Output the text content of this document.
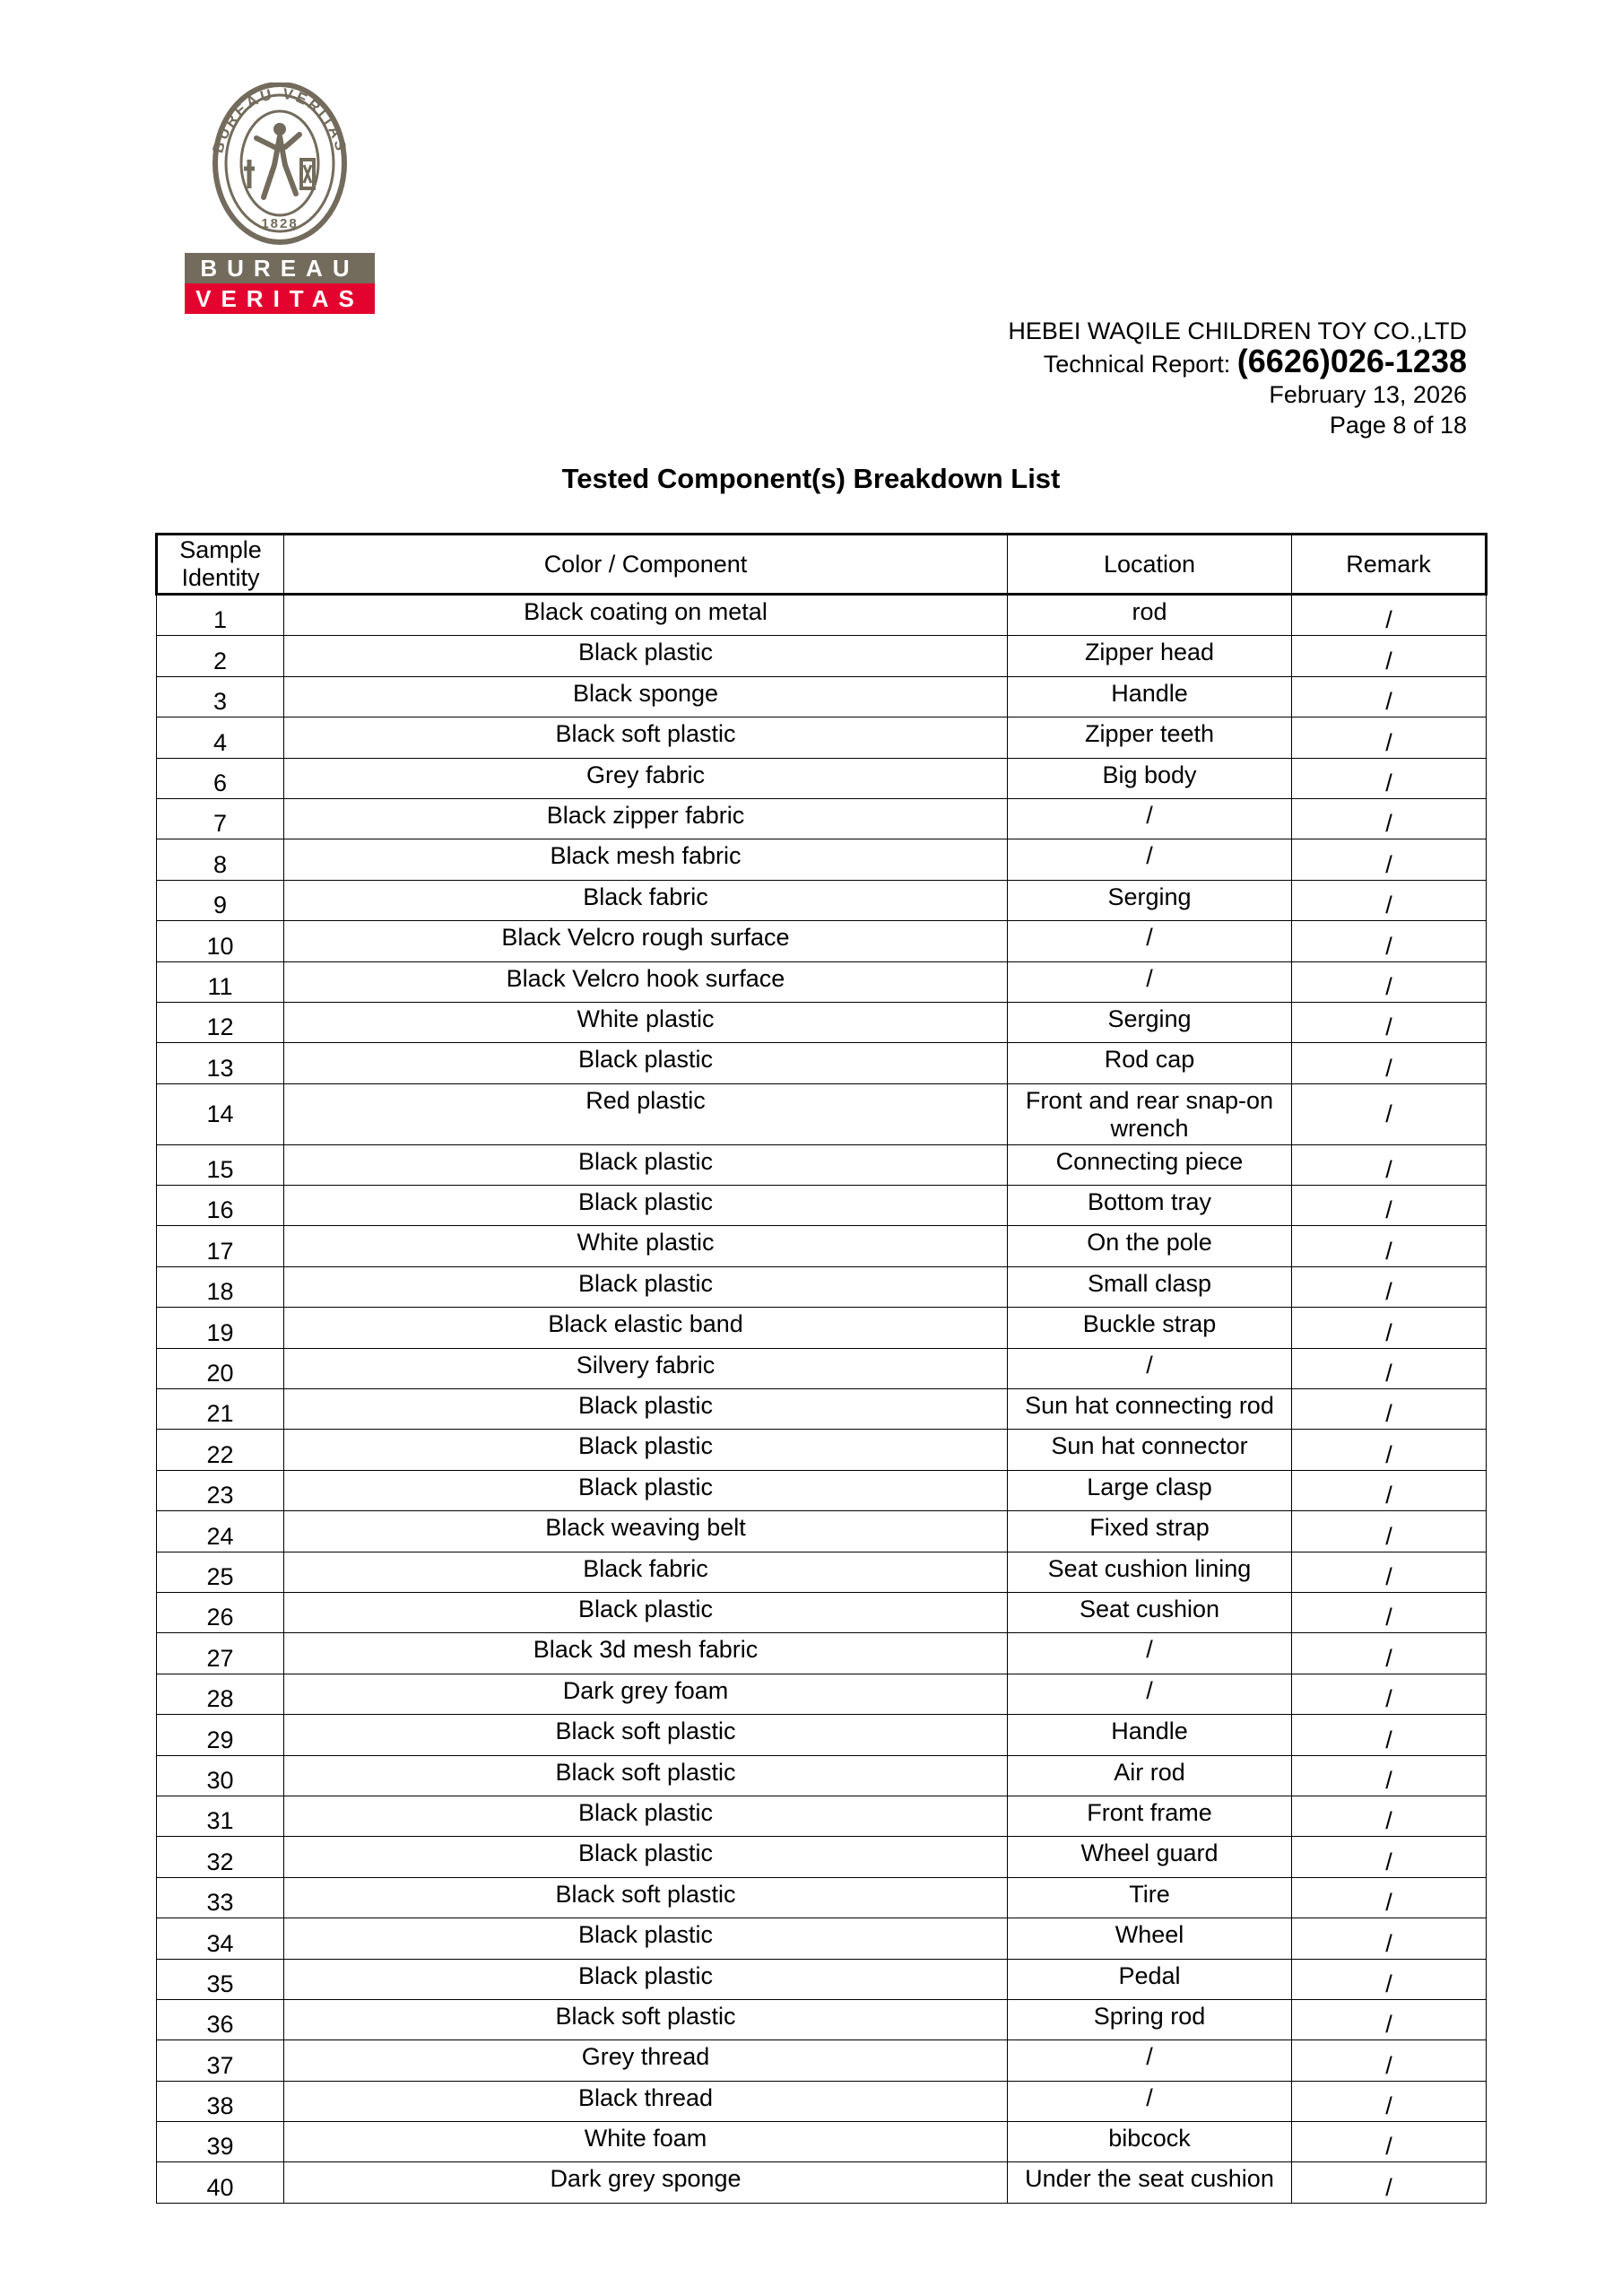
BUREAU VERITAS
1828
BUREAU
VERITAS
HEBEI WAQILE CHILDREN TOY CO.,LTD
Technical Report: (6626)026-1238
February 13, 2026
Page 8 of 18
Tested Component(s) Breakdown List
Sample Identity	Color / Component	Location	Remark
1	Black coating on metal	rod	/
2	Black plastic	Zipper head	/
3	Black sponge	Handle	/
4	Black soft plastic	Zipper teeth	/
6	Grey fabric	Big body	/
7	Black zipper fabric	/	/
8	Black mesh fabric	/	/
9	Black fabric	Serging	/
10	Black Velcro rough surface	/	/
11	Black Velcro hook surface	/	/
12	White plastic	Serging	/
13	Black plastic	Rod cap	/
14	Red plastic	Front and rear snap-on wrench	/
15	Black plastic	Connecting piece	/
16	Black plastic	Bottom tray	/
17	White plastic	On the pole	/
18	Black plastic	Small clasp	/
19	Black elastic band	Buckle strap	/
20	Silvery fabric	/	/
21	Black plastic	Sun hat connecting rod	/
22	Black plastic	Sun hat connector	/
23	Black plastic	Large clasp	/
24	Black weaving belt	Fixed strap	/
25	Black fabric	Seat cushion lining	/
26	Black plastic	Seat cushion	/
27	Black 3d mesh fabric	/	/
28	Dark grey foam	/	/
29	Black soft plastic	Handle	/
30	Black soft plastic	Air rod	/
31	Black plastic	Front frame	/
32	Black plastic	Wheel guard	/
33	Black soft plastic	Tire	/
34	Black plastic	Wheel	/
35	Black plastic	Pedal	/
36	Black soft plastic	Spring rod	/
37	Grey thread	/	/
38	Black thread	/	/
39	White foam	bibcock	/
40	Dark grey sponge	Under the seat cushion	/
